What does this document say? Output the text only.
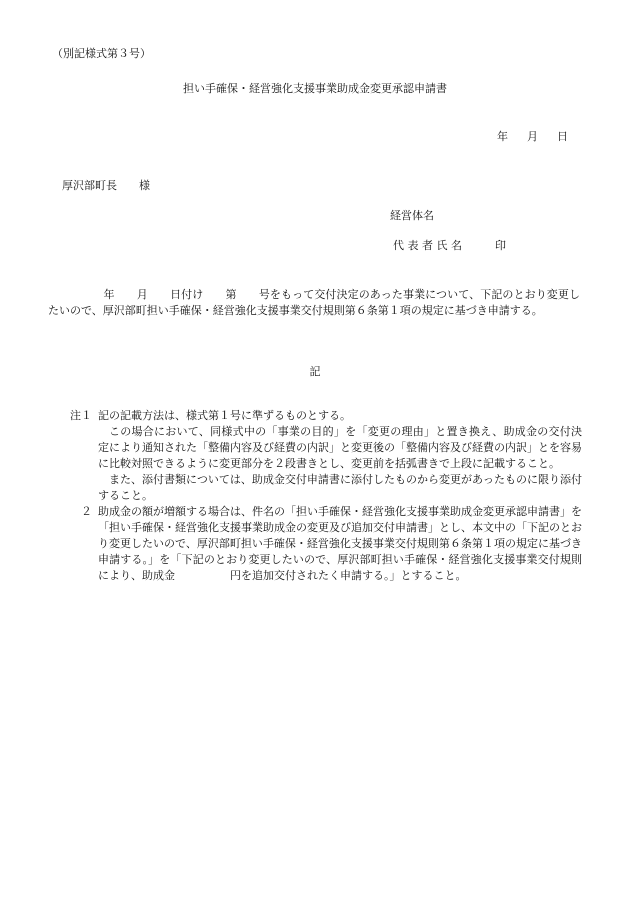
（別記様式第３号）
担い手確保・経営強化支援事業助成金変更承認申請書
年　月　日
厚沢部町長　　様
経営体名
代 表 者 氏 名　　　印

　　　　　年　　月　　日付け　　第　　号をもって交付決定のあった事業について、下記のとおり変更したいので、厚沢部町担い手確保・経営強化支援事業交付規則第６条第１項の規定に基づき申請する。

記
注１ 記の記載方法は、様式第１号に準ずるものとする。

この場合において、同様式中の「事業の目的」を「変更の理由」と置き換え、助成金の交付決定により通知された「整備内容及び経費の内訳」と変更後の「整備内容及び経費の内訳」とを容易に比較対照できるように変更部分を２段書きとし、変更前を括弧書きで上段に記載すること。

また、添付書類については、助成金交付申請書に添付したものから変更があったものに限り添付すること。

２ 助成金の額が増額する場合は、件名の「担い手確保・経営強化支援事業助成金変更承認申請書」を「担い手確保・経営強化支援事業助成金の変更及び追加交付申請書」とし、本文中の「下記のとおり変更したいので、厚沢部町担い手確保・経営強化支援事業交付規則第６条第１項の規定に基づき申請する。」を「下記のとおり変更したいので、厚沢部町担い手確保・経営強化支援事業交付規則により、助成金　　　　　円を追加交付されたく申請する。」とすること。
